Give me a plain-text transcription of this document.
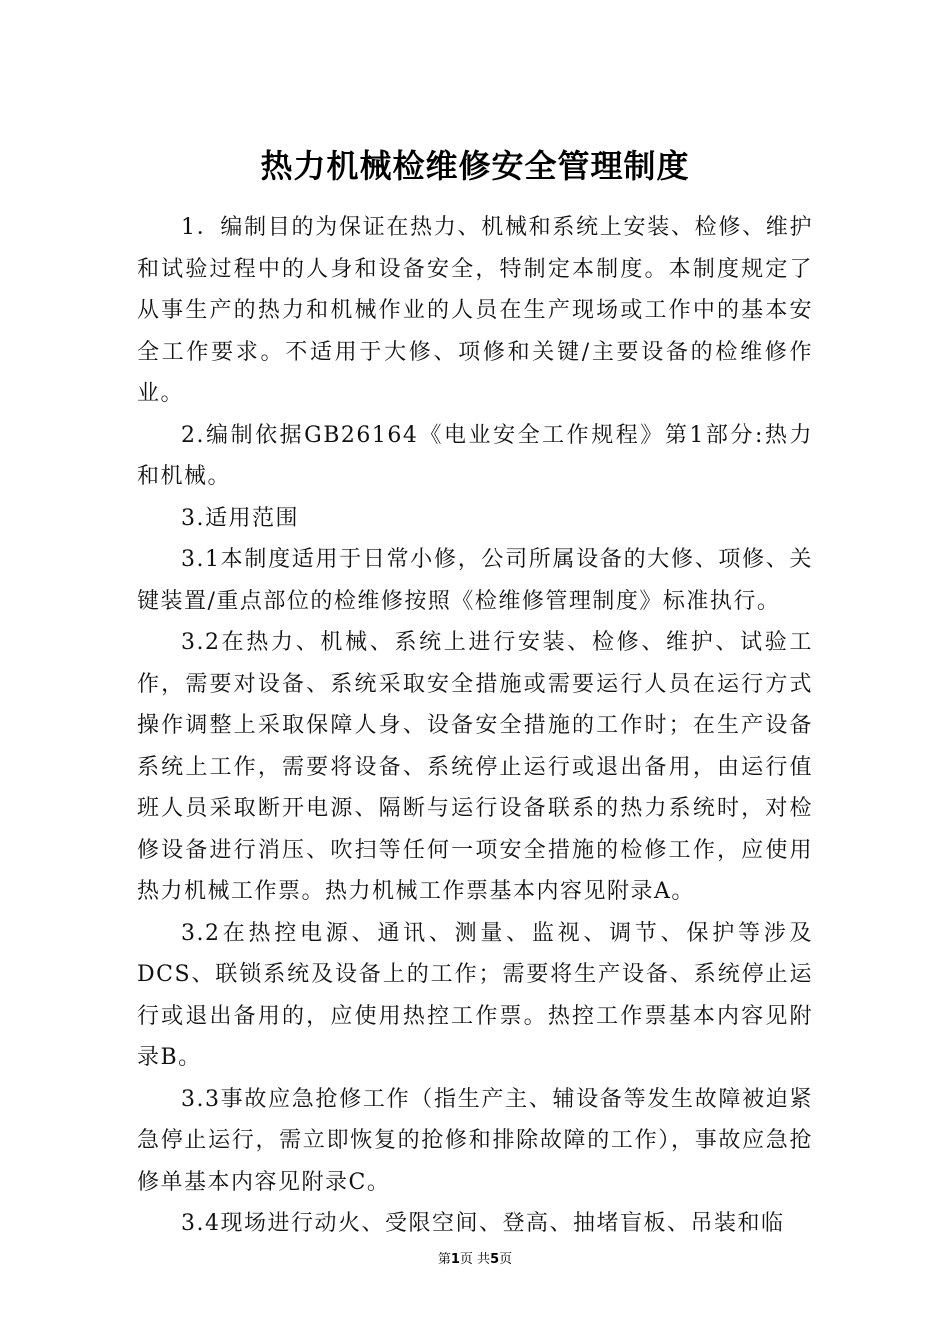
热力机械检维修安全管理制度

1．编制目的为保证在热力、机械和系统上安装、检修、维护和试验过程中的人身和设备安全，特制定本制度。本制度规定了从事生产的热力和机械作业的人员在生产现场或工作中的基本安全工作要求。不适用于大修、项修和关键/主要设备的检维修作业。

2.编制依据GB26164《电业安全工作规程》第1部分:热力和机械。

3.适用范围

3.1本制度适用于日常小修，公司所属设备的大修、项修、关键装置/重点部位的检维修按照《检维修管理制度》标准执行。

3.2在热力、机械、系统上进行安装、检修、维护、试验工作，需要对设备、系统采取安全措施或需要运行人员在运行方式操作调整上采取保障人身、设备安全措施的工作时；在生产设备系统上工作，需要将设备、系统停止运行或退出备用，由运行值班人员采取断开电源、隔断与运行设备联系的热力系统时，对检修设备进行消压、吹扫等任何一项安全措施的检修工作，应使用热力机械工作票。热力机械工作票基本内容见附录A。

3.2在热控电源、通讯、测量、监视、调节、保护等涉及DCS、联锁系统及设备上的工作；需要将生产设备、系统停止运行或退出备用的，应使用热控工作票。热控工作票基本内容见附录B。

3.3事故应急抢修工作（指生产主、辅设备等发生故障被迫紧急停止运行，需立即恢复的抢修和排除故障的工作），事故应急抢修单基本内容见附录C。

3.4现场进行动火、受限空间、登高、抽堵盲板、吊装和临

第1页 共5页
